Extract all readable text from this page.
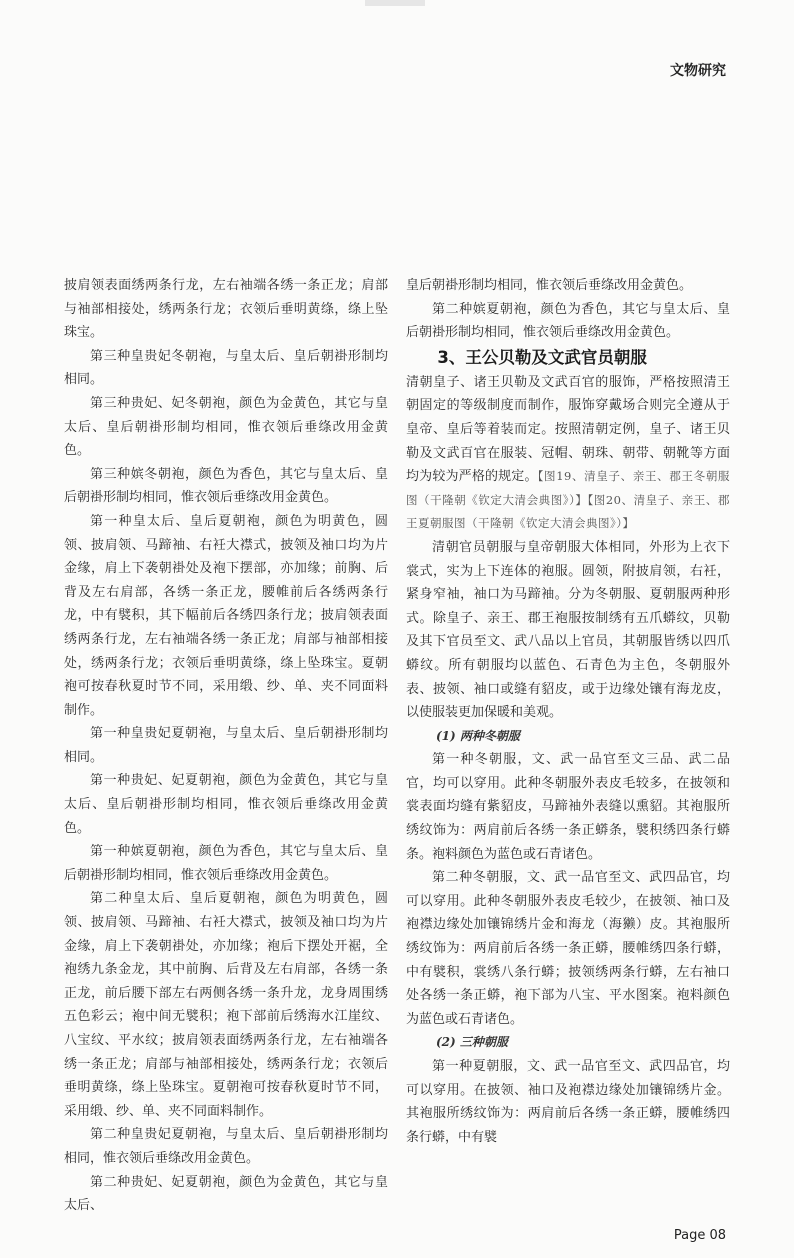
文物研究

披肩领表面绣两条行龙，左右袖端各绣一条正龙；肩部与袖部相接处，绣两条行龙；衣领后垂明黄绦，绦上坠珠宝。

第三种皇贵妃冬朝袍，与皇太后、皇后朝褂形制均相同。

第三种贵妃、妃冬朝袍，颜色为金黄色，其它与皇太后、皇后朝褂形制均相同，惟衣领后垂绦改用金黄色。

第三种嫔冬朝袍，颜色为香色，其它与皇太后、皇后朝褂形制均相同，惟衣领后垂绦改用金黄色。

第一种皇太后、皇后夏朝袍，颜色为明黄色，圆领、披肩领、马蹄袖、右衽大襟式，披领及袖口均为片金缘，肩上下袭朝褂处及袍下摆部，亦加缘；前胸、后背及左右肩部，各绣一条正龙，腰帷前后各绣两条行龙，中有襞积，其下幅前后各绣四条行龙；披肩领表面绣两条行龙，左右袖端各绣一条正龙；肩部与袖部相接处，绣两条行龙；衣领后垂明黄绦，绦上坠珠宝。夏朝袍可按春秋夏时节不同，采用缎、纱、单、夹不同面料制作。

第一种皇贵妃夏朝袍，与皇太后、皇后朝褂形制均相同。

第一种贵妃、妃夏朝袍，颜色为金黄色，其它与皇太后、皇后朝褂形制均相同，惟衣领后垂绦改用金黄色。

第一种嫔夏朝袍，颜色为香色，其它与皇太后、皇后朝褂形制均相同，惟衣领后垂绦改用金黄色。

第二种皇太后、皇后夏朝袍，颜色为明黄色，圆领、披肩领、马蹄袖、右衽大襟式，披领及袖口均为片金缘，肩上下袭朝褂处，亦加缘；袍后下摆处开裾，全袍绣九条金龙，其中前胸、后背及左右肩部，各绣一条正龙，前后腰下部左右两侧各绣一条升龙，龙身周围绣五色彩云；袍中间无襞积；袍下部前后绣海水江崖纹、八宝纹、平水纹；披肩领表面绣两条行龙，左右袖端各绣一条正龙；肩部与袖部相接处，绣两条行龙；衣领后垂明黄绦，绦上坠珠宝。夏朝袍可按春秋夏时节不同，采用缎、纱、单、夹不同面料制作。

第二种皇贵妃夏朝袍，与皇太后、皇后朝褂形制均相同，惟衣领后垂绦改用金黄色。

第二种贵妃、妃夏朝袍，颜色为金黄色，其它与皇太后、

皇后朝褂形制均相同，惟衣领后垂绦改用金黄色。

第二种嫔夏朝袍，颜色为香色，其它与皇太后、皇后朝褂形制均相同，惟衣领后垂绦改用金黄色。

3、王公贝勒及文武官员朝服

清朝皇子、诸王贝勒及文武百官的服饰，严格按照清王朝固定的等级制度而制作，服饰穿戴场合则完全遵从于皇帝、皇后等着装而定。按照清朝定例，皇子、诸王贝勒及文武百官在服装、冠帽、朝珠、朝带、朝靴等方面均为较为严格的规定。【图19、清皇子、亲王、郡王冬朝服图（干隆朝《钦定大清会典图》）】【图20、清皇子、亲王、郡王夏朝服图（干隆朝《钦定大清会典图》）】

清朝官员朝服与皇帝朝服大体相同，外形为上衣下裳式，实为上下连体的袍服。圆领，附披肩领，右衽，紧身窄袖，袖口为马蹄袖。分为冬朝服、夏朝服两种形式。除皇子、亲王、郡王袍服按制绣有五爪蟒纹，贝勒及其下官员至文、武八品以上官员，其朝服皆绣以四爪蟒纹。所有朝服均以蓝色、石青色为主色，冬朝服外表、披领、袖口或缝有貂皮，或于边缘处镶有海龙皮，以使服装更加保暖和美观。

(1) 两种冬朝服

第一种冬朝服，文、武一品官至文三品、武二品官，均可以穿用。此种冬朝服外表皮毛较多，在披领和裳表面均缝有紫貂皮，马蹄袖外表缝以熏貂。其袍服所绣纹饰为：两肩前后各绣一条正蟒条，襞积绣四条行蟒条。袍料颜色为蓝色或石青诸色。

第二种冬朝服，文、武一品官至文、武四品官，均可以穿用。此种冬朝服外表皮毛较少，在披领、袖口及袍襟边缘处加镶锦绣片金和海龙（海獭）皮。其袍服所绣纹饰为：两肩前后各绣一条正蟒，腰帷绣四条行蟒，中有襞积，裳绣八条行蟒；披领绣两条行蟒，左右袖口处各绣一条正蟒，袍下部为八宝、平水图案。袍料颜色为蓝色或石青诸色。

(2) 三种朝服

第一种夏朝服，文、武一品官至文、武四品官，均可以穿用。在披领、袖口及袍襟边缘处加镶锦绣片金。其袍服所绣纹饰为：两肩前后各绣一条正蟒，腰帷绣四条行蟒，中有襞

Page 08
